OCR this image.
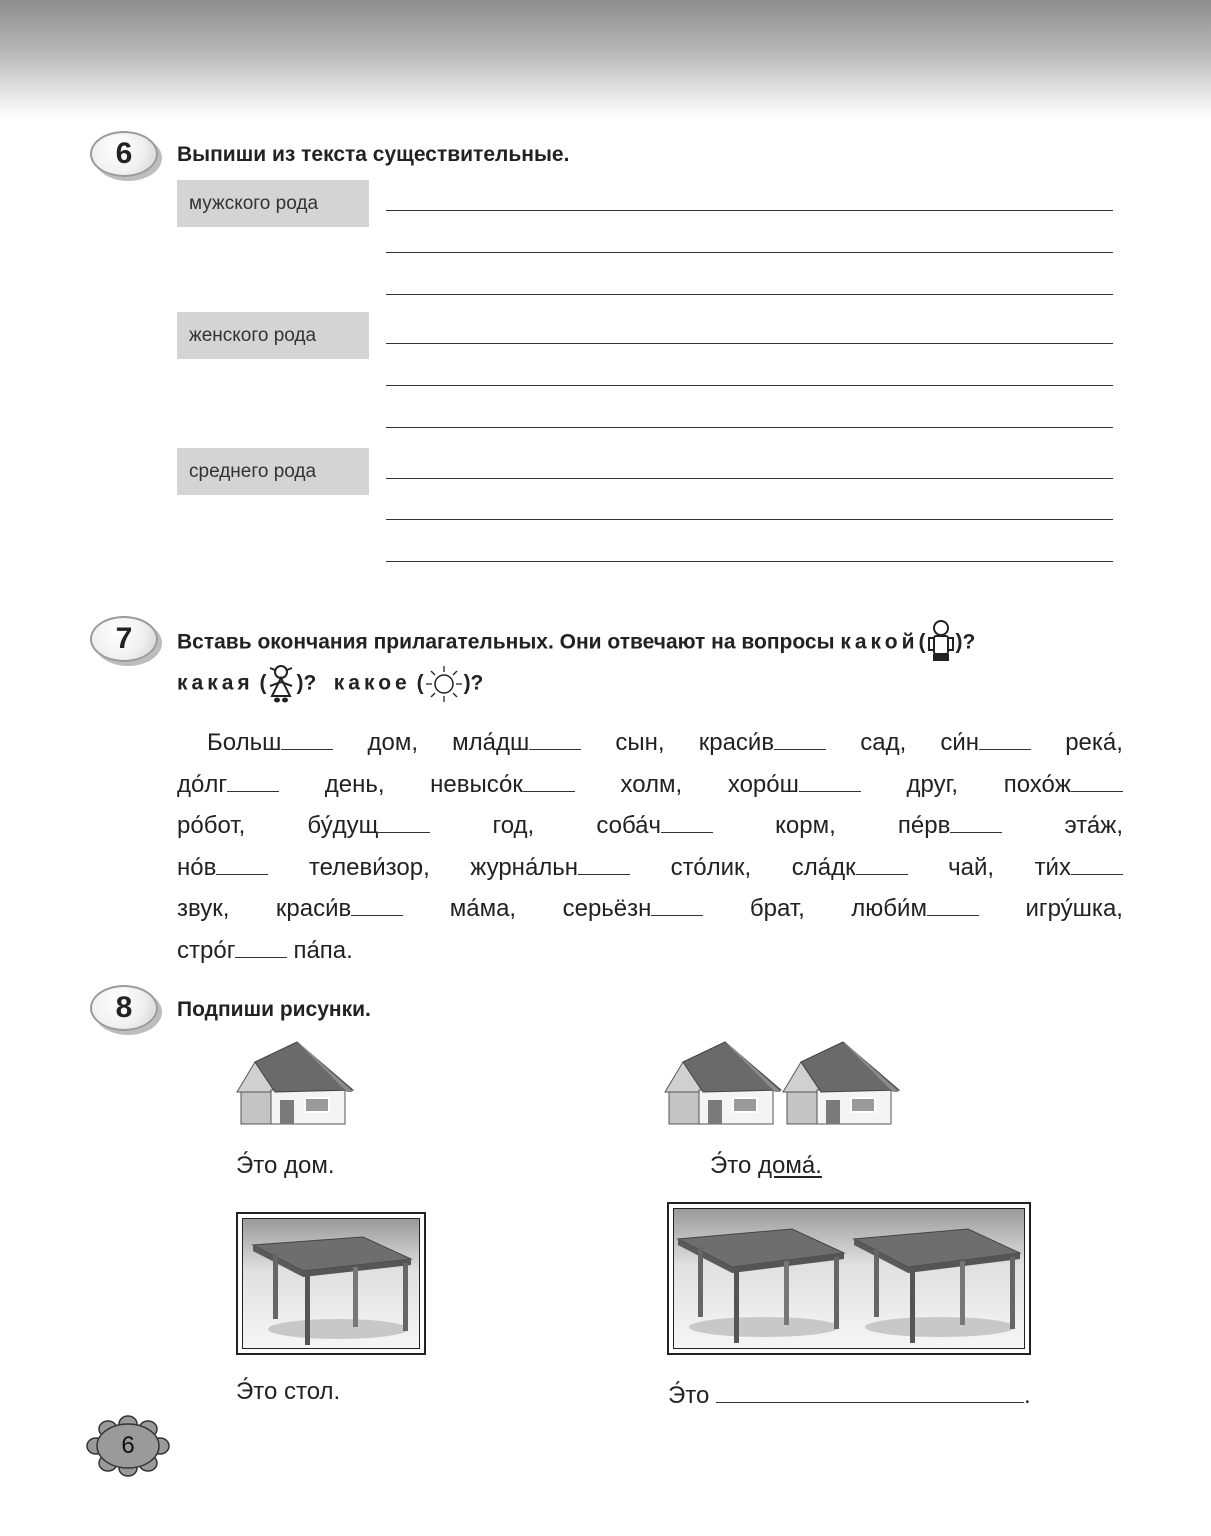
6	Выпиши из текста существительные.
мужского рода
женского рода
среднего рода
7	Вставь окончания прилагательных. Они отвечают на вопросы какой( )?
какая ( )?   какое ( )?
Больш	дом, мла́дш	сын, краси́в	сад, си́н	река́,
до́лг	день, невысо́к	холм, хоро́ш	друг, похо́ж
ро́бот,	бу́дущ	год,	соба́ч	корм,	пе́рв	эта́ж,
но́в	телеви́зор, журна́льн	сто́лик, сла́дк	чай, ти́х
звук, краси́в	ма́ма, серьёзн	брат, люби́м	игру́шка,
стро́г	па́па.
8	Подпиши рисунки.
Э́то дом.	Э́то дома́.
Э́то стол.	Э́то	.
6
